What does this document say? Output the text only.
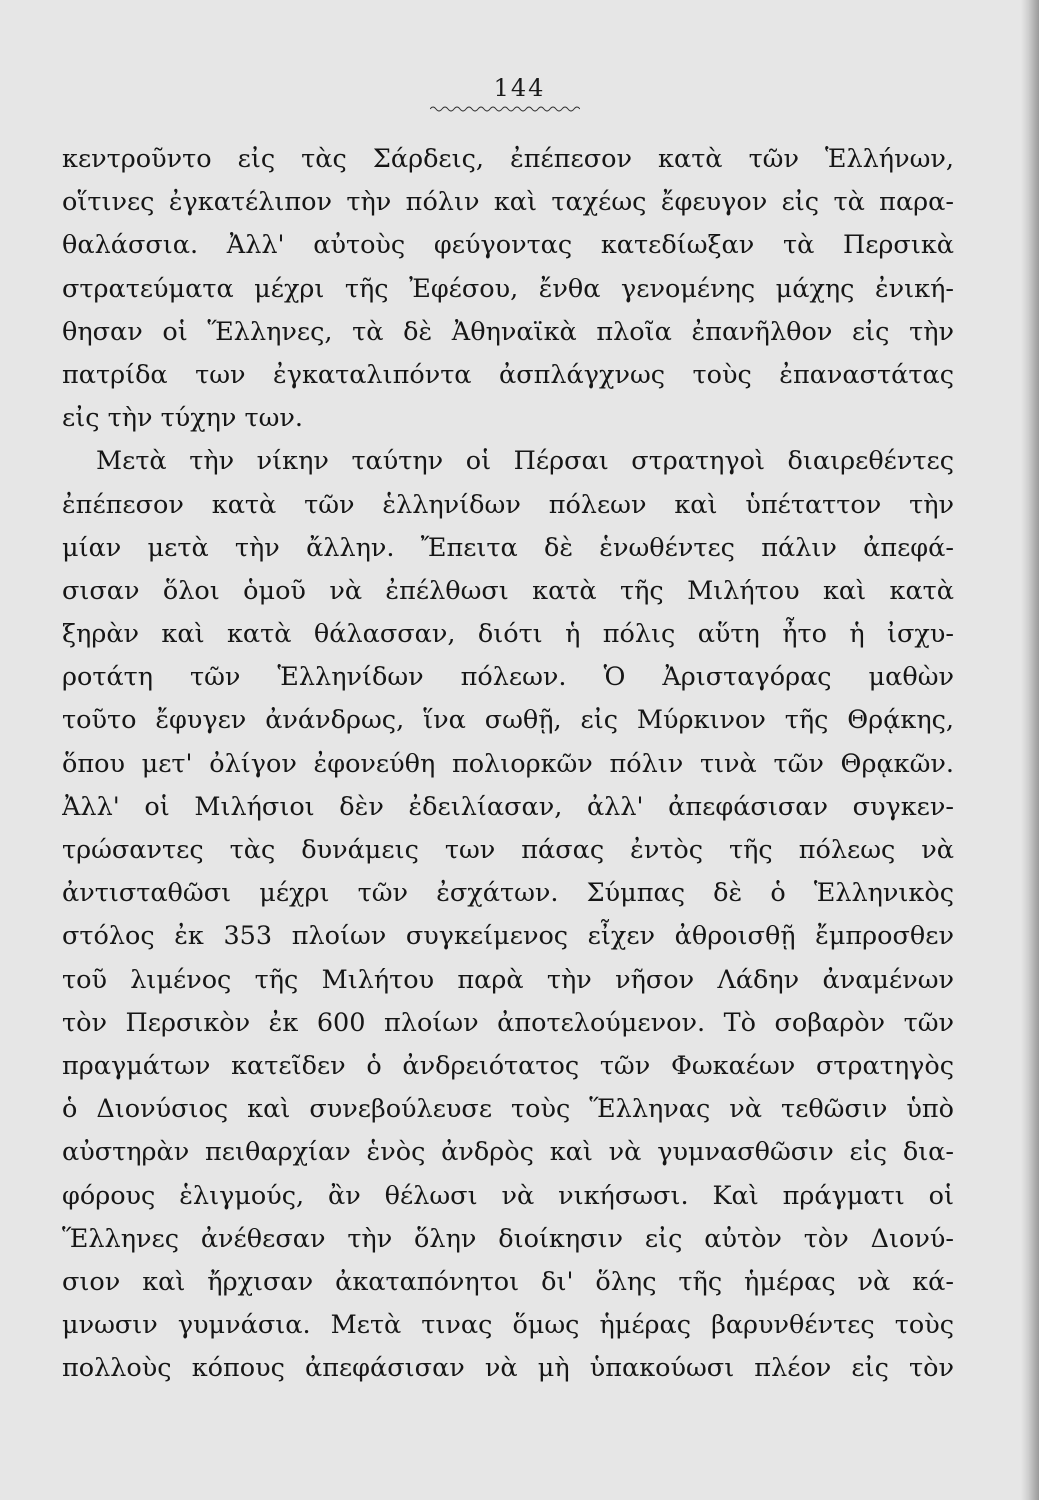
144
κεντροῦντο εἰς τὰς Σάρδεις, ἐπέπεσον κατὰ τῶν Ἑλλήνων,
οἵτινες ἐγκατέλιπον τὴν πόλιν καὶ ταχέως ἔφευγον εἰς τὰ παρα-
θαλάσσια. Ἀλλ' αὐτοὺς φεύγοντας κατεδίωξαν τὰ Περσικὰ
στρατεύματα μέχρι τῆς Ἐφέσου, ἔνθα γενομένης μάχης ἐνική-
θησαν οἱ Ἕλληνες, τὰ δὲ Ἀθηναϊκὰ πλοῖα ἐπανῆλθον εἰς τὴν
πατρίδα των ἐγκαταλιπόντα ἀσπλάγχνως τοὺς ἐπαναστάτας
εἰς τὴν τύχην των.
Μετὰ τὴν νίκην ταύτην οἱ Πέρσαι στρατηγοὶ διαιρεθέντες
ἐπέπεσον κατὰ τῶν ἑλληνίδων πόλεων καὶ ὑπέταττον τὴν
μίαν μετὰ τὴν ἄλλην. Ἔπειτα δὲ ἑνωθέντες πάλιν ἀπεφά-
σισαν ὅλοι ὁμοῦ νὰ ἐπέλθωσι κατὰ τῆς Μιλήτου καὶ κατὰ
ξηρὰν καὶ κατὰ θάλασσαν, διότι ἡ πόλις αὕτη ἦτο ἡ ἰσχυ-
ροτάτη τῶν Ἑλληνίδων πόλεων. Ὁ Ἀρισταγόρας μαθὼν
τοῦτο ἔφυγεν ἀνάνδρως, ἵνα σωθῇ, εἰς Μύρκινον τῆς Θρᾴκης,
ὅπου μετ' ὀλίγον ἐφονεύθη πολιορκῶν πόλιν τινὰ τῶν Θρᾳκῶν.
Ἀλλ' οἱ Μιλήσιοι δὲν ἐδειλίασαν, ἀλλ' ἀπεφάσισαν συγκεν-
τρώσαντες τὰς δυνάμεις των πάσας ἐντὸς τῆς πόλεως νὰ
ἀντισταθῶσι μέχρι τῶν ἐσχάτων. Σύμπας δὲ ὁ Ἑλληνικὸς
στόλος ἐκ 353 πλοίων συγκείμενος εἶχεν ἀθροισθῇ ἔμπροσθεν
τοῦ λιμένος τῆς Μιλήτου παρὰ τὴν νῆσον Λάδην ἀναμένων
τὸν Περσικὸν ἐκ 600 πλοίων ἀποτελούμενον. Τὸ σοβαρὸν τῶν
πραγμάτων κατεῖδεν ὁ ἀνδρειότατος τῶν Φωκαέων στρατηγὸς
ὁ Διονύσιος καὶ συνεβούλευσε τοὺς Ἕλληνας νὰ τεθῶσιν ὑπὸ
αὐστηρὰν πειθαρχίαν ἑνὸς ἀνδρὸς καὶ νὰ γυμνασθῶσιν εἰς δια-
φόρους ἑλιγμούς, ἂν θέλωσι νὰ νικήσωσι. Καὶ πράγματι οἱ
Ἕλληνες ἀνέθεσαν τὴν ὅλην διοίκησιν εἰς αὐτὸν τὸν Διονύ-
σιον καὶ ἤρχισαν ἀκαταπόνητοι δι' ὅλης τῆς ἡμέρας νὰ κά-
μνωσιν γυμνάσια. Μετὰ τινας ὅμως ἡμέρας βαρυνθέντες τοὺς
πολλοὺς κόπους ἀπεφάσισαν νὰ μὴ ὑπακούωσι πλέον εἰς τὸν
